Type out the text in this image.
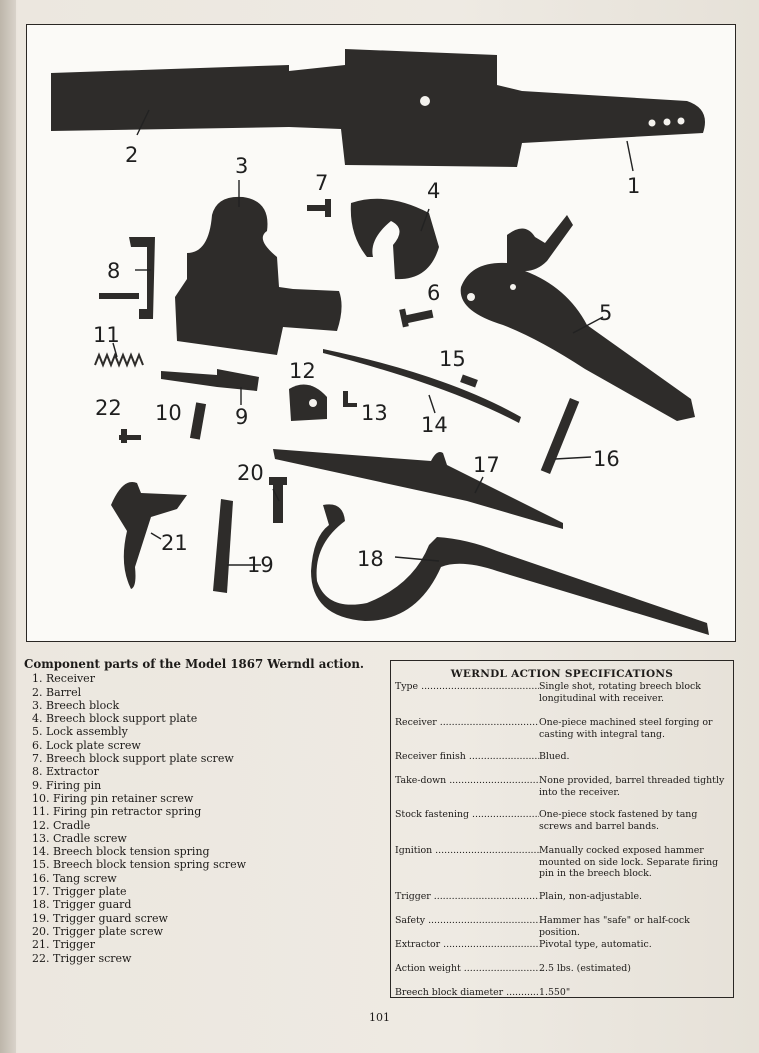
2
1
3
7	4
8
6
5
11
12	15
22 10	9	13 14
16
20	17
21
18
19
Component parts of the Model 1867 Werndl action.
1. Receiver
2. Barrel
3. Breech block
4. Breech block support plate
5. Lock assembly
6. Lock plate screw
7. Breech block support plate screw
8. Extractor
9. Firing pin
10. Firing pin retainer screw
11. Firing pin retractor spring
12. Cradle
13. Cradle screw
14. Breech block tension spring
15. Breech block tension spring screw
16. Tang screw
17. Trigger plate
18. Trigger guard
19. Trigger guard screw
20. Trigger plate screw
21. Trigger
22. Trigger screw
WERNDL ACTION SPECIFICATIONS
Type .....	Single shot, rotating breech block longitudinal with receiver.
Receiver .....	One-piece machined steel forging or casting with integral tang.
Receiver finish .....	Blued.
Take-down .....	None provided, barrel threaded tightly into the receiver.
Stock fastening .....	One-piece stock fastened by tang screws and barrel bands.
Ignition .....	Manually cocked exposed hammer mounted on side lock. Separate firing pin in the breech block.
Trigger .....	Plain, non-adjustable.
Safety .....	Hammer has "safe" or half-cock position.
Extractor .....	Pivotal type, automatic.
Action weight .....	2.5 lbs. (estimated)
Breech block diameter .....	1.550"
101
